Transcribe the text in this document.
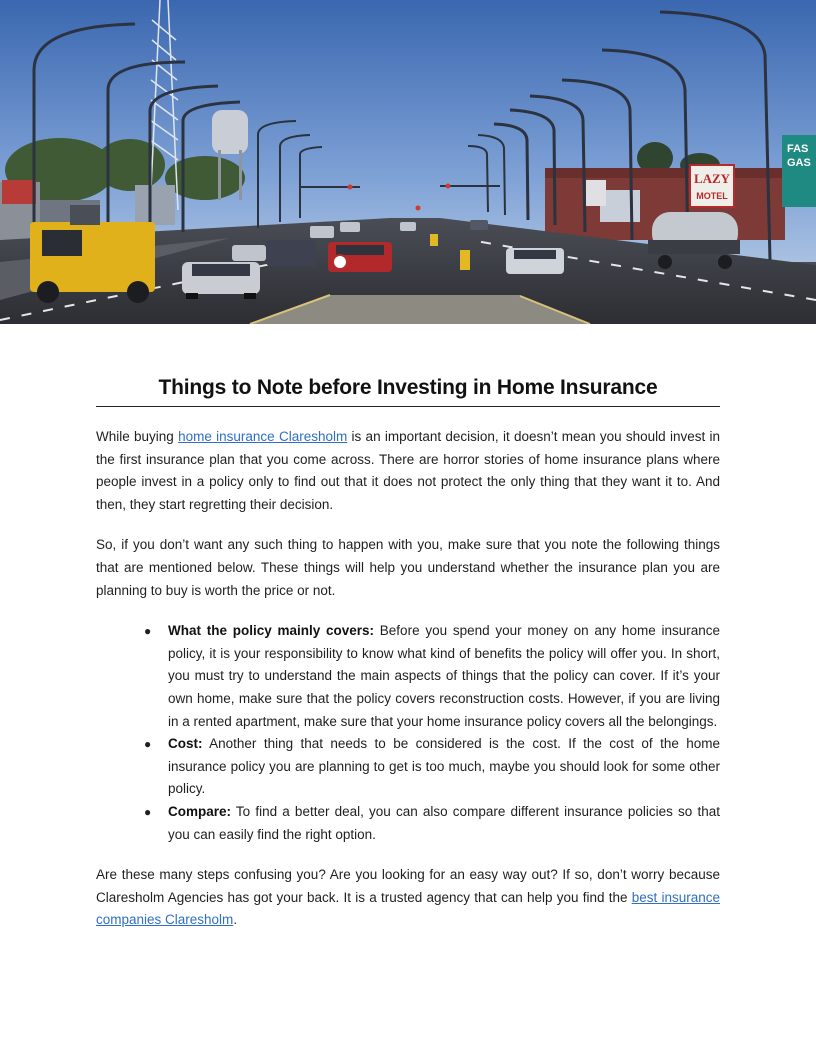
LAZY
MOTEL
FAS
GAS
Things to Note before Investing in Home Insurance

While buying home insurance Claresholm is an important decision, it doesn’t mean you should invest in the first insurance plan that you come across. There are horror stories of home insurance plans where people invest in a policy only to find out that it does not protect the only thing that they want it to. And then, they start regretting their decision.

So, if you don’t want any such thing to happen with you, make sure that you note the following things that are mentioned below. These things will help you understand whether the insurance plan you are planning to buy is worth the price or not.

● What the policy mainly covers: Before you spend your money on any home insurance policy, it is your responsibility to know what kind of benefits the policy will offer you. In short, you must try to understand the main aspects of things that the policy can cover. If it’s your own home, make sure that the policy covers reconstruction costs. However, if you are living in a rented apartment, make sure that your home insurance policy covers all the belongings.
● Cost: Another thing that needs to be considered is the cost. If the cost of the home insurance policy you are planning to get is too much, maybe you should look for some other policy.
● Compare: To find a better deal, you can also compare different insurance policies so that you can easily find the right option.

Are these many steps confusing you? Are you looking for an easy way out? If so, don’t worry because Claresholm Agencies has got your back. It is a trusted agency that can help you find the best insurance companies Claresholm.
